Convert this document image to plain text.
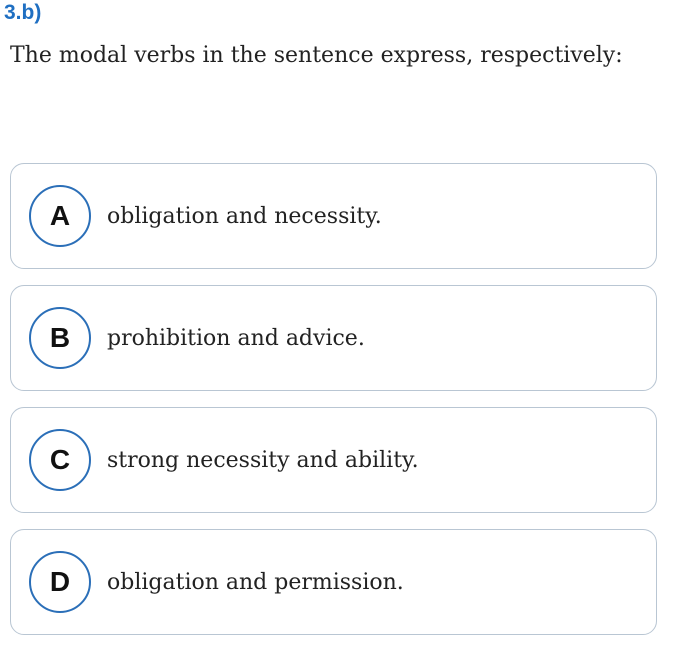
3.b)
The modal verbs in the sentence express, respectively:
A	obligation and necessity.
B	prohibition and advice.
C	strong necessity and ability.
D	obligation and permission.
